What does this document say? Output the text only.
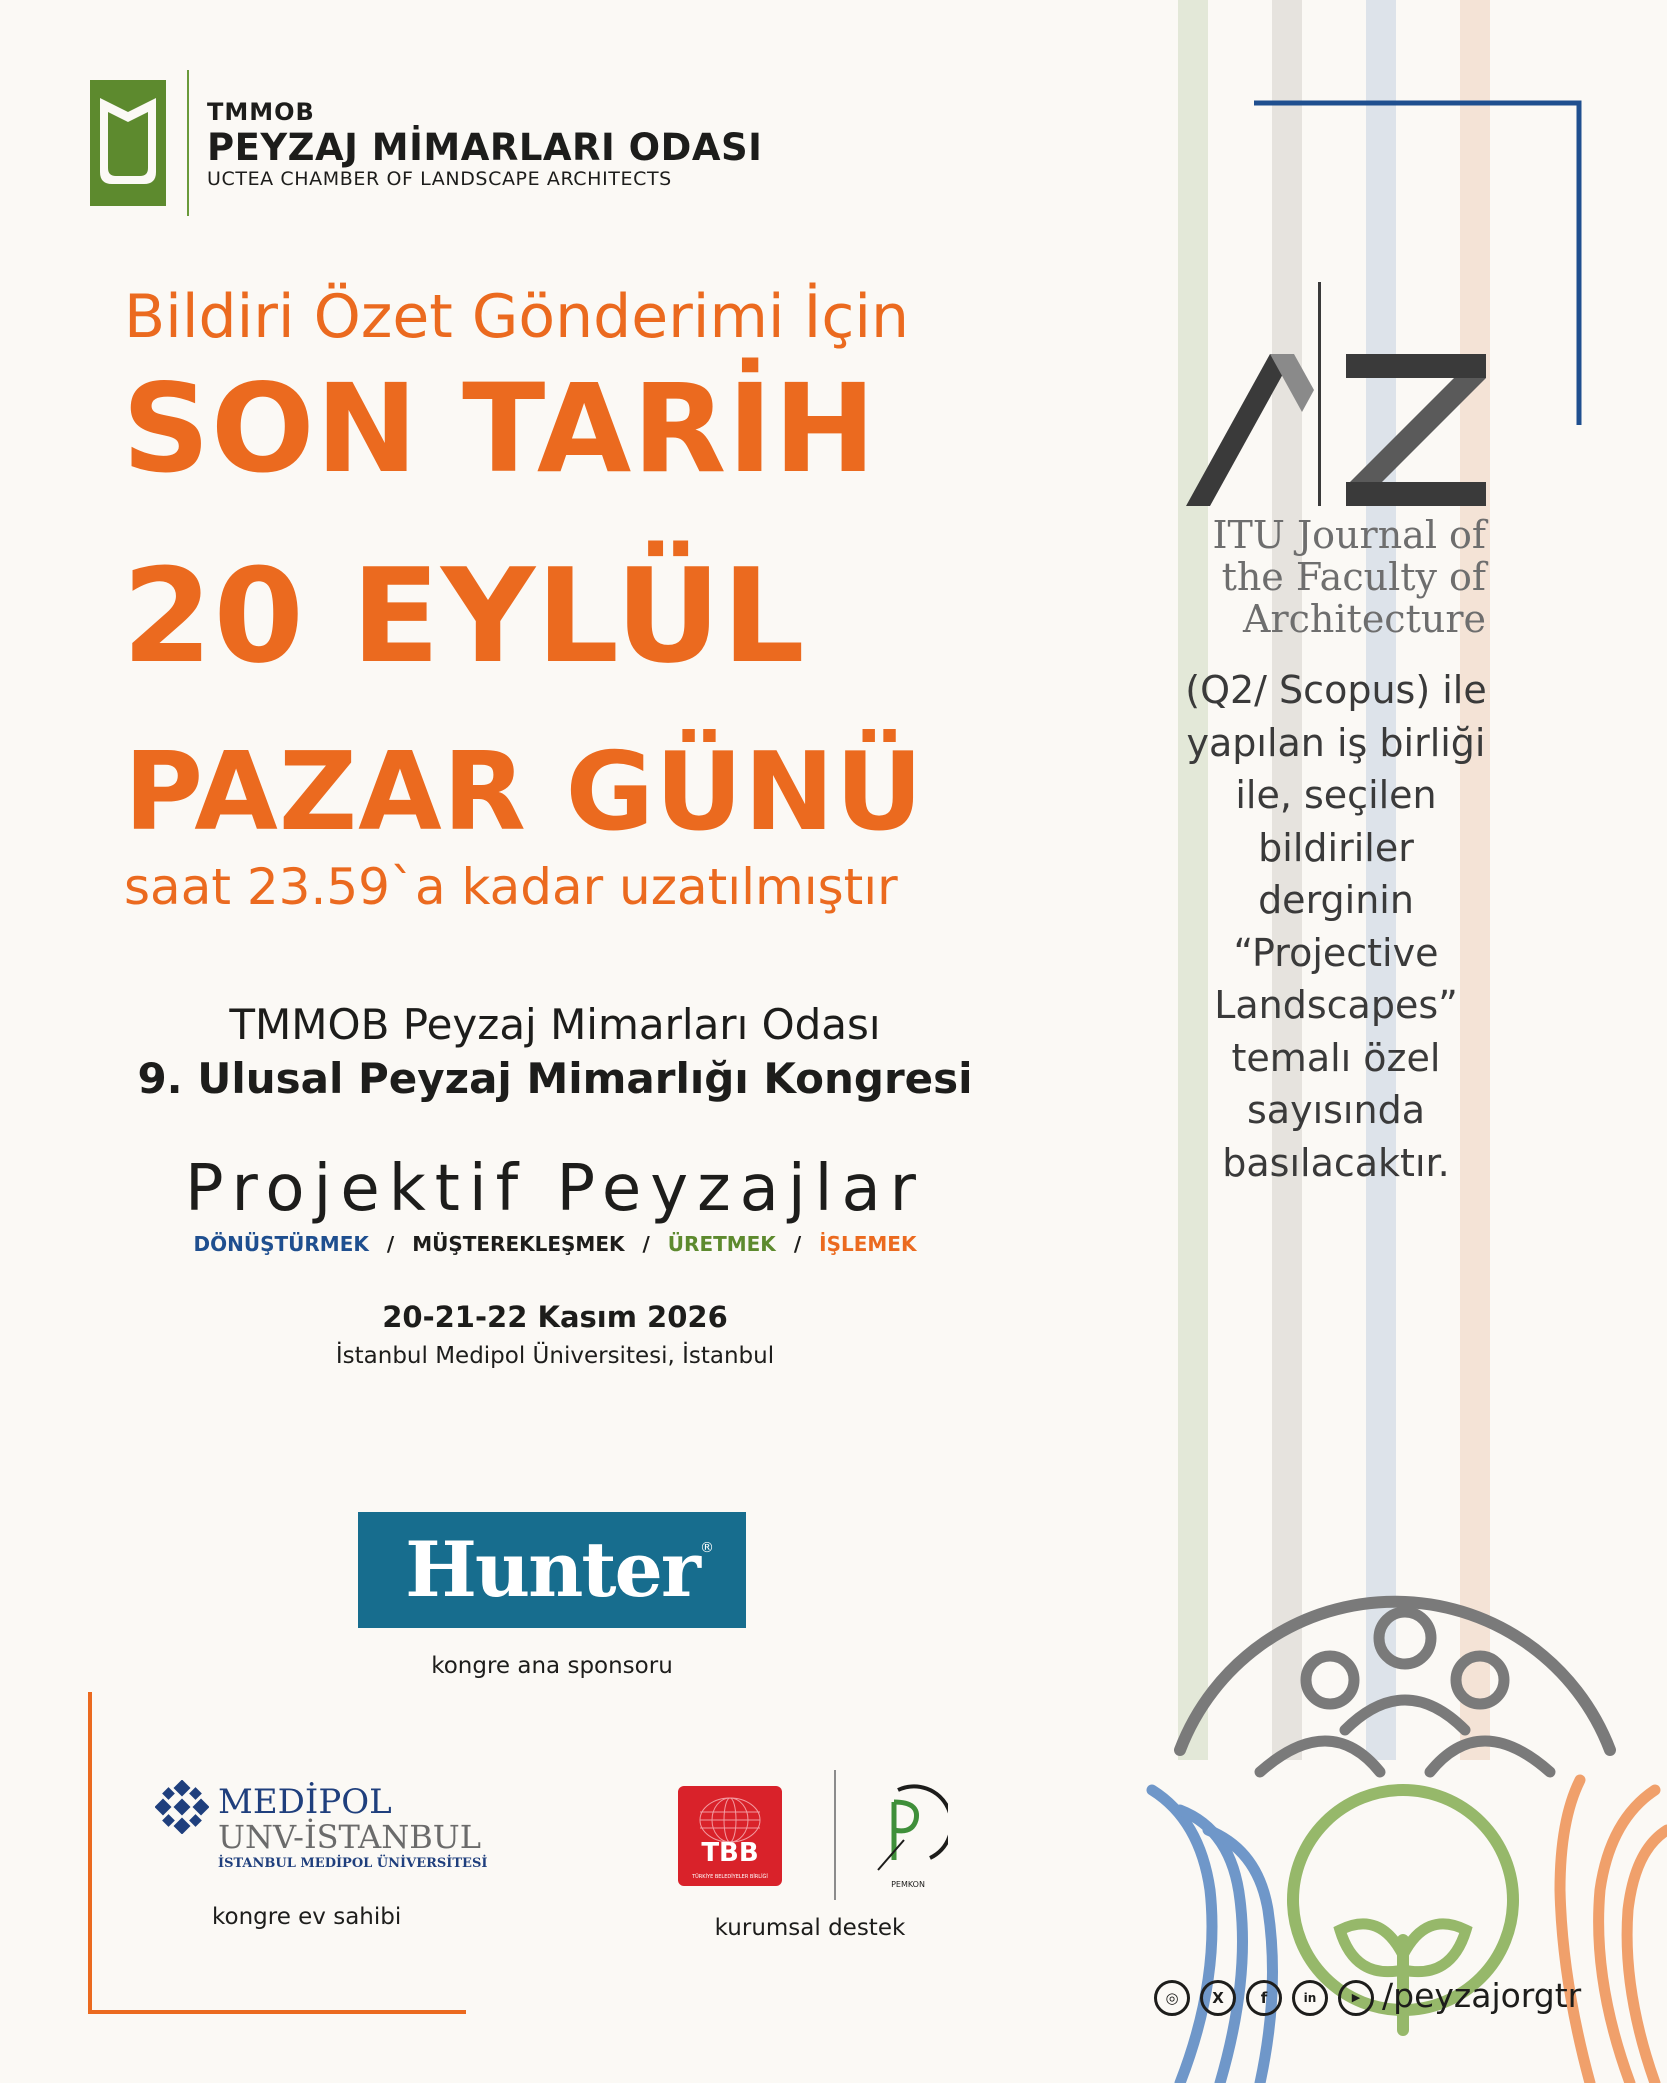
TMMOB
PEYZAJ MİMARLARI ODASI
UCTEA CHAMBER OF LANDSCAPE ARCHITECTS
Bildiri Özet Gönderimi İçin
SON TARİH
20 EYLÜL
PAZAR GÜNÜ
saat 23.59`a kadar uzatılmıştır
TMMOB Peyzaj Mimarları Odası
9. Ulusal Peyzaj Mimarlığı Kongresi
Projektif Peyzajlar
DÖNÜŞTÜRMEK / MÜŞTEREKLEŞMEK / ÜRETMEK / İŞLEMEK
20-21-22 Kasım 2026
İstanbul Medipol Üniversitesi, İstanbul
Hunter ®
kongre ana sponsoru
MEDİPOL
UNV-İSTANBUL
İSTANBUL MEDİPOL ÜNİVERSİTESİ
kongre ev sahibi
TBB
TÜRKİYE BELEDİYELER BİRLİĞİ
PEMKON
kurumsal destek
ITU Journal of
the Faculty of
Architecture
(Q2/ Scopus) ile
yapılan iş birliği
ile, seçilen
bildiriler
derginin
“Projective
Landscapes”
temalı özel
sayısında
basılacaktır.
◎	X	f	in	▶ /peyzajorgtr
